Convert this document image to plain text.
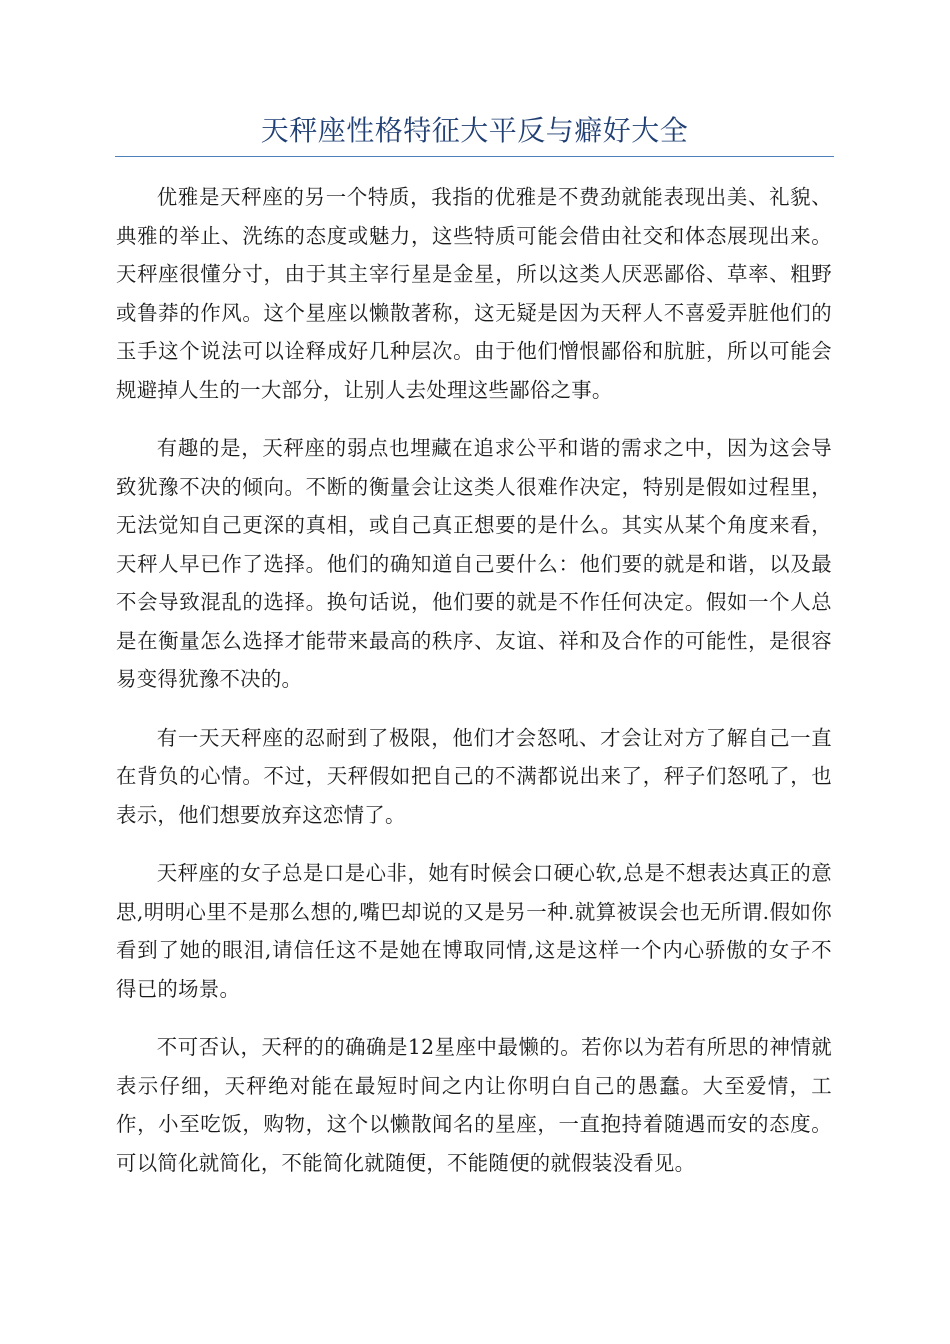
天秤座性格特征大平反与癖好大全

优雅是天秤座的另一个特质，我指的优雅是不费劲就能表现出美、礼貌、典雅的举止、洗练的态度或魅力，这些特质可能会借由社交和体态展现出来。天秤座很懂分寸，由于其主宰行星是金星，所以这类人厌恶鄙俗、草率、粗野或鲁莽的作风。这个星座以懒散著称，这无疑是因为天秤人不喜爱弄脏他们的玉手这个说法可以诠释成好几种层次。由于他们憎恨鄙俗和肮脏，所以可能会规避掉人生的一大部分，让别人去处理这些鄙俗之事。

有趣的是，天秤座的弱点也埋藏在追求公平和谐的需求之中，因为这会导致犹豫不决的倾向。不断的衡量会让这类人很难作决定，特别是假如过程里，无法觉知自己更深的真相，或自己真正想要的是什么。其实从某个角度来看，天秤人早已作了选择。他们的确知道自己要什么：他们要的就是和谐，以及最不会导致混乱的选择。换句话说，他们要的就是不作任何决定。假如一个人总是在衡量怎么选择才能带来最高的秩序、友谊、祥和及合作的可能性，是很容易变得犹豫不决的。

有一天天秤座的忍耐到了极限，他们才会怒吼、才会让对方了解自己一直在背负的心情。不过，天秤假如把自己的不满都说出来了，秤子们怒吼了，也表示，他们想要放弃这恋情了。

天秤座的女子总是口是心非，她有时候会口硬心软,总是不想表达真正的意思,明明心里不是那么想的,嘴巴却说的又是另一种.就算被误会也无所谓.假如你看到了她的眼泪,请信任这不是她在博取同情,这是这样一个内心骄傲的女子不得已的场景。

不可否认，天秤的的确确是12星座中最懒的。若你以为若有所思的神情就表示仔细，天秤绝对能在最短时间之内让你明白自己的愚蠢。大至爱情，工作，小至吃饭，购物，这个以懒散闻名的星座，一直抱持着随遇而安的态度。可以简化就简化，不能简化就随便，不能随便的就假装没看见。
